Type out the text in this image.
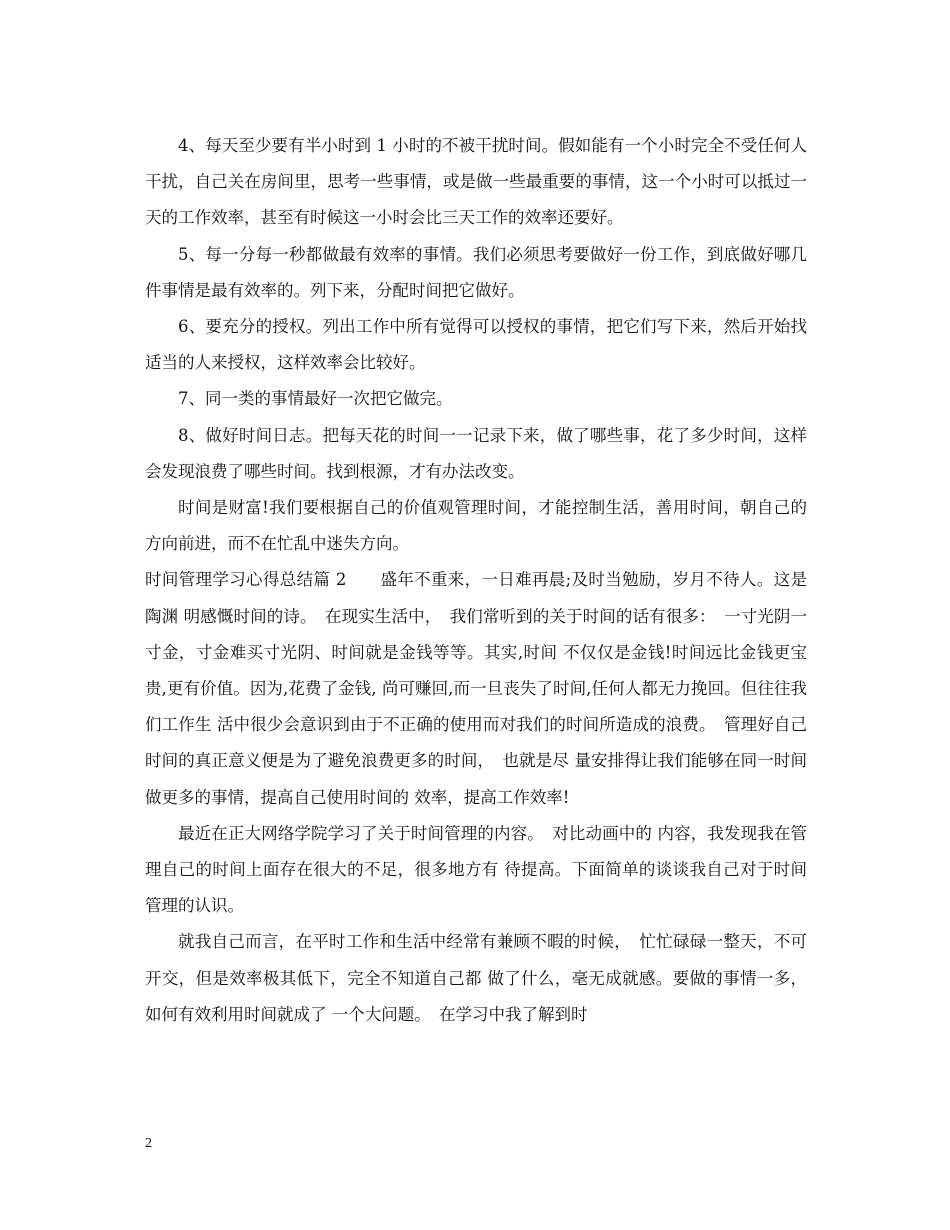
4、每天至少要有半小时到 1 小时的不被干扰时间。假如能有一个小时完全不受任何人干扰，自己关在房间里，思考一些事情，或是做一些最重要的事情，这一个小时可以抵过一天的工作效率，甚至有时候这一小时会比三天工作的效率还要好。

5、每一分每一秒都做最有效率的事情。我们必须思考要做好一份工作，到底做好哪几件事情是最有效率的。列下来，分配时间把它做好。

6、要充分的授权。列出工作中所有觉得可以授权的事情，把它们写下来，然后开始找适当的人来授权，这样效率会比较好。

7、同一类的事情最好一次把它做完。

8、做好时间日志。把每天花的时间一一记录下来，做了哪些事，花了多少时间，这样会发现浪费了哪些时间。找到根源，才有办法改变。

时间是财富!我们要根据自己的价值观管理时间，才能控制生活，善用时间，朝自己的方向前进，而不在忙乱中迷失方向。

时间管理学习心得总结篇 2　　盛年不重来，一日难再晨;及时当勉励，岁月不待人。这是陶渊 明感慨时间的诗。　在现实生活中，　我们常听到的关于时间的话有很多：　一寸光阴一寸金，寸金难买寸光阴、时间就是金钱等等。其实,时间 不仅仅是金钱!时间远比金钱更宝贵,更有价值。因为,花费了金钱, 尚可赚回,而一旦丧失了时间,任何人都无力挽回。但往往我们工作生 活中很少会意识到由于不正确的使用而对我们的时间所造成的浪费。　管理好自己时间的真正意义便是为了避免浪费更多的时间，　也就是尽 量安排得让我们能够在同一时间做更多的事情，提高自己使用时间的 效率，提高工作效率!

最近在正大网络学院学习了关于时间管理的内容。　对比动画中的 内容，我发现我在管理自己的时间上面存在很大的不足，很多地方有 待提高。下面简单的谈谈我自己对于时间管理的认识。

就我自己而言，在平时工作和生活中经常有兼顾不暇的时候，　忙忙碌碌一整天，不可开交，但是效率极其低下，完全不知道自己都 做了什么，毫无成就感。要做的事情一多，如何有效利用时间就成了 一个大问题。　在学习中我了解到时

2
